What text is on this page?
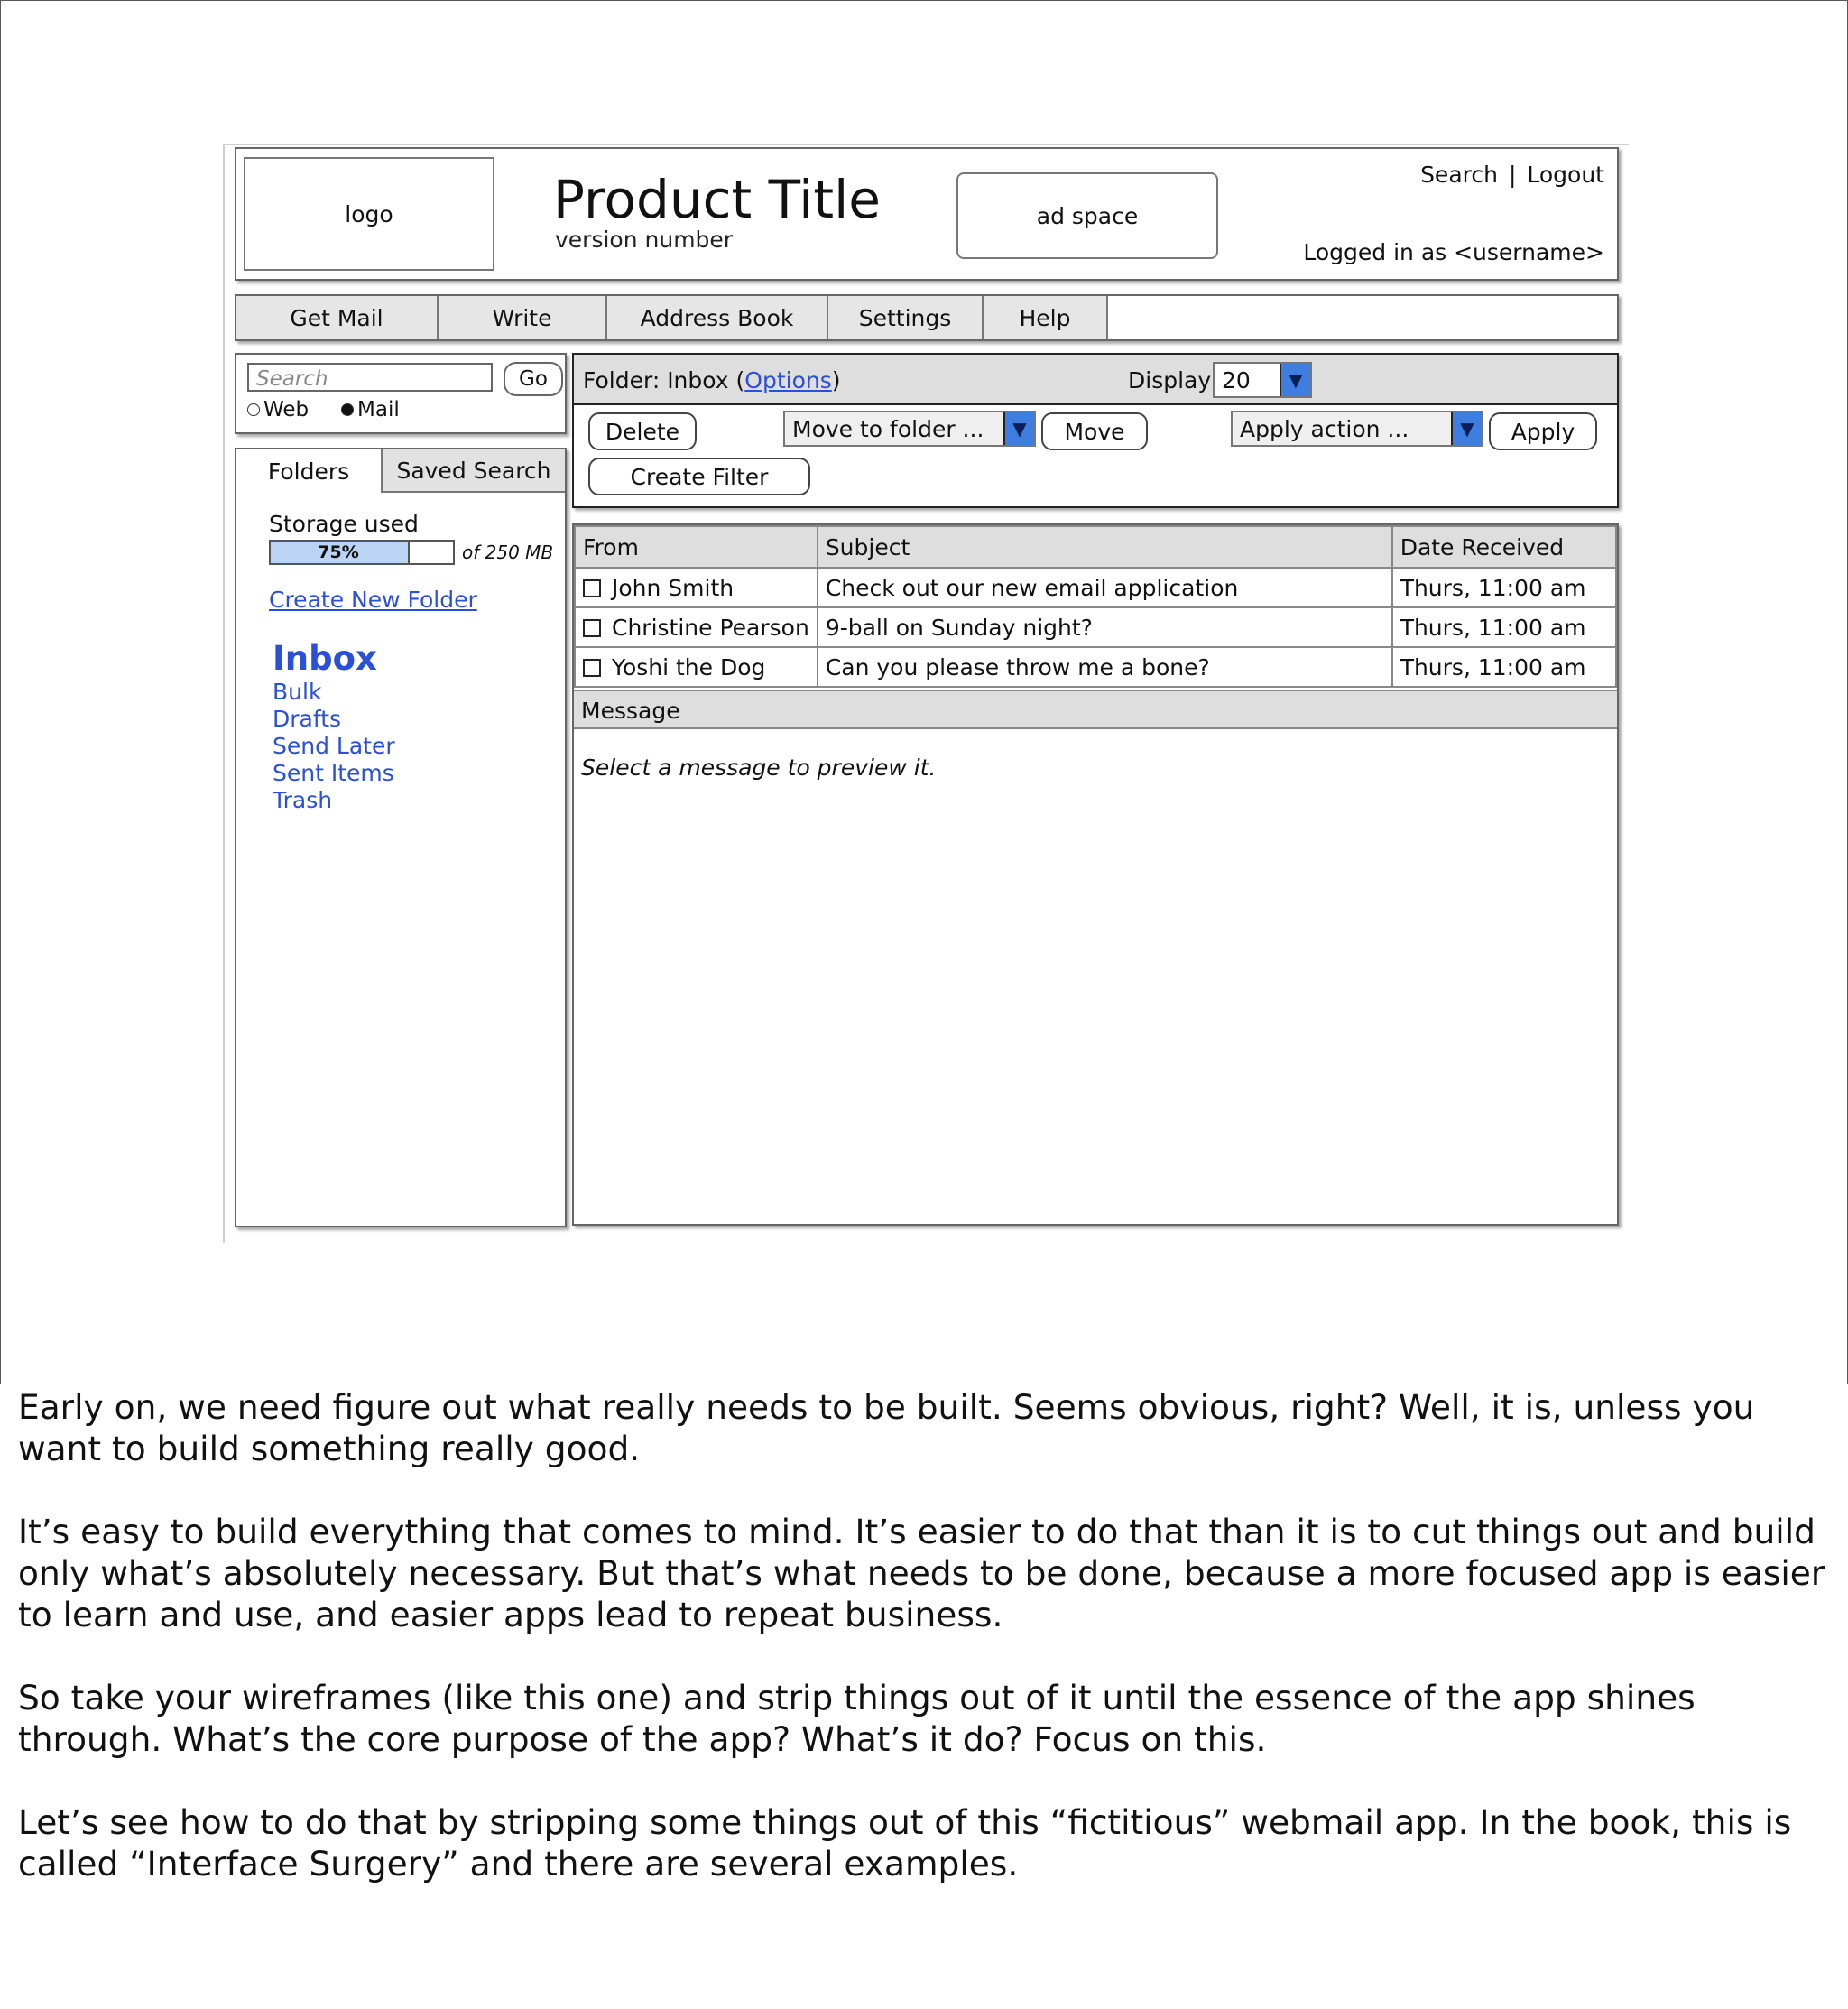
logo	Product Title
version number
ad space
Search | Logout
Logged in as <username>
Get Mail	Write	Address Book	Settings	Help
Search	Go
Web Mail
Folders	Saved Search
Storage used
75%	of 250 MB
Create New Folder
Inbox
Bulk
Drafts
Send Later
Sent Items
Trash
Folder: Inbox (Options)	Display 20	▼
Delete	Move to folder ...	▼	Move	Apply action ...	▼	Apply
Create Filter
From	Subject	Date Received
John Smith	Check out our new email application	Thurs, 11:00 am
Christine Pearson	9-ball on Sunday night?	Thurs, 11:00 am
Yoshi the Dog	Can you please throw me a bone?	Thurs, 11:00 am
Message
Select a message to preview it.

Early on, we need figure out what really needs to be built. Seems obvious, right? Well, it is, unless you want to build something really good.

It’s easy to build everything that comes to mind. It’s easier to do that than it is to cut things out and build only what’s absolutely necessary. But that’s what needs to be done, because a more focused app is easier to learn and use, and easier apps lead to repeat business.

So take your wireframes (like this one) and strip things out of it until the essence of the app shines through. What’s the core purpose of the app? What’s it do? Focus on this.

Let’s see how to do that by stripping some things out of this “fictitious” webmail app. In the book, this is called “Interface Surgery” and there are several examples.
